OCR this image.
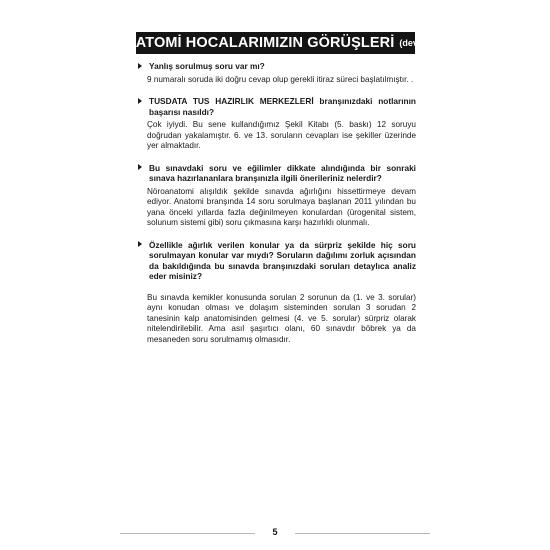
ANATOMİ HOCALARIMIZIN GÖRÜŞLERİ (devamı)
Yanlış sorulmuş soru var mı?
9 numaralı soruda iki doğru cevap olup gerekli itiraz süreci başlatılmıştır. .
TUSDATA TUS HAZIRLIK MERKEZLERİ branşınızdaki notlarının başarısı nasıldı?
Çok iyiydi. Bu sene kullandığımız Şekil Kitabı (5. baskı) 12 soruyu doğrudan yakalamıştır. 6. ve 13. soruların cevapları ise şekiller üzerinde yer almaktadır.
Bu sınavdaki soru ve eğilimler dikkate alındığında bir sonraki sınava hazırlananlara branşınızla ilgili önerileriniz nelerdir?
Nöroanatomi alışıldık şekilde sınavda ağırlığını hissettirmeye devam ediyor. Anatomi branşında 14 soru sorulmaya başlanan 2011 yılından bu yana önceki yıllarda fazla değinilmeyen konulardan (ürogenital sistem, solunum sistemi gibi) soru çıkmasına karşı hazırlıklı olunmalı.
Özellikle ağırlık verilen konular ya da sürpriz şekilde hiç soru sorulmayan konular var mıydı? Soruların dağılımı zorluk açısından da bakıldığında bu sınavda branşınızdaki soruları detaylıca analiz eder misiniz?
Bu sınavda kemikler konusunda sorulan 2 sorunun da (1. ve 3. sorular) aynı konudan olması ve dolaşım sisteminden sorulan 3 sorudan 2 tanesinin kalp anatomisinden gelmesi (4. ve 5. sorular) sürpriz olarak nitelendirilebilir. Ama asıl şaşırtıcı olanı, 60 sınavdır böbrek ya da mesaneden soru sorulmamış olmasıdır.
5
